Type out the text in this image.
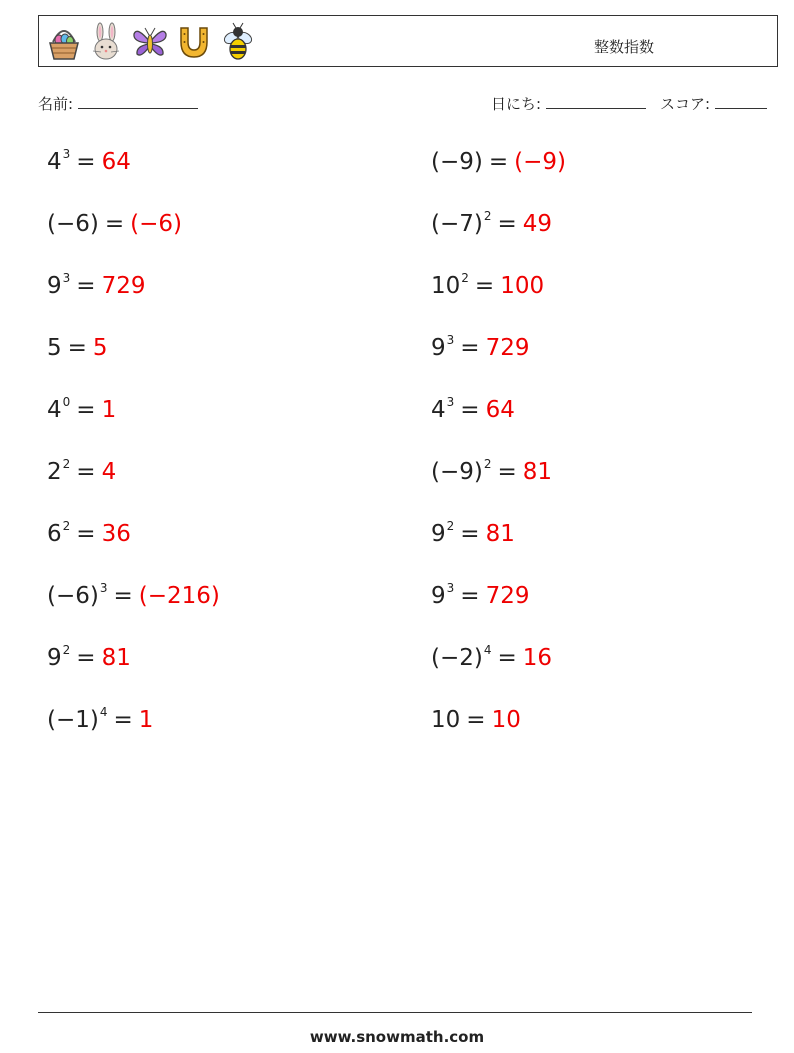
整数指数
名前:	日にち:	スコア:
$4^3 = 64$
(−6) = (−6)
$9^3 = 729$
5 = 5
$4^0 = 1$
$2^2 = 4$
$6^2 = 36$
$(-6)^3 = (-216)$
$9^2 = 81$
$(-1)^4 = 1$
(−9) = (−9)
$(-7)^2 = 49$
$10^2 = 100$
$9^3 = 729$
$4^3 = 64$
$(-9)^2 = 81$
$9^2 = 81$
$9^3 = 729$
$(-2)^4 = 16$
10 = 10
www.snowmath.com
